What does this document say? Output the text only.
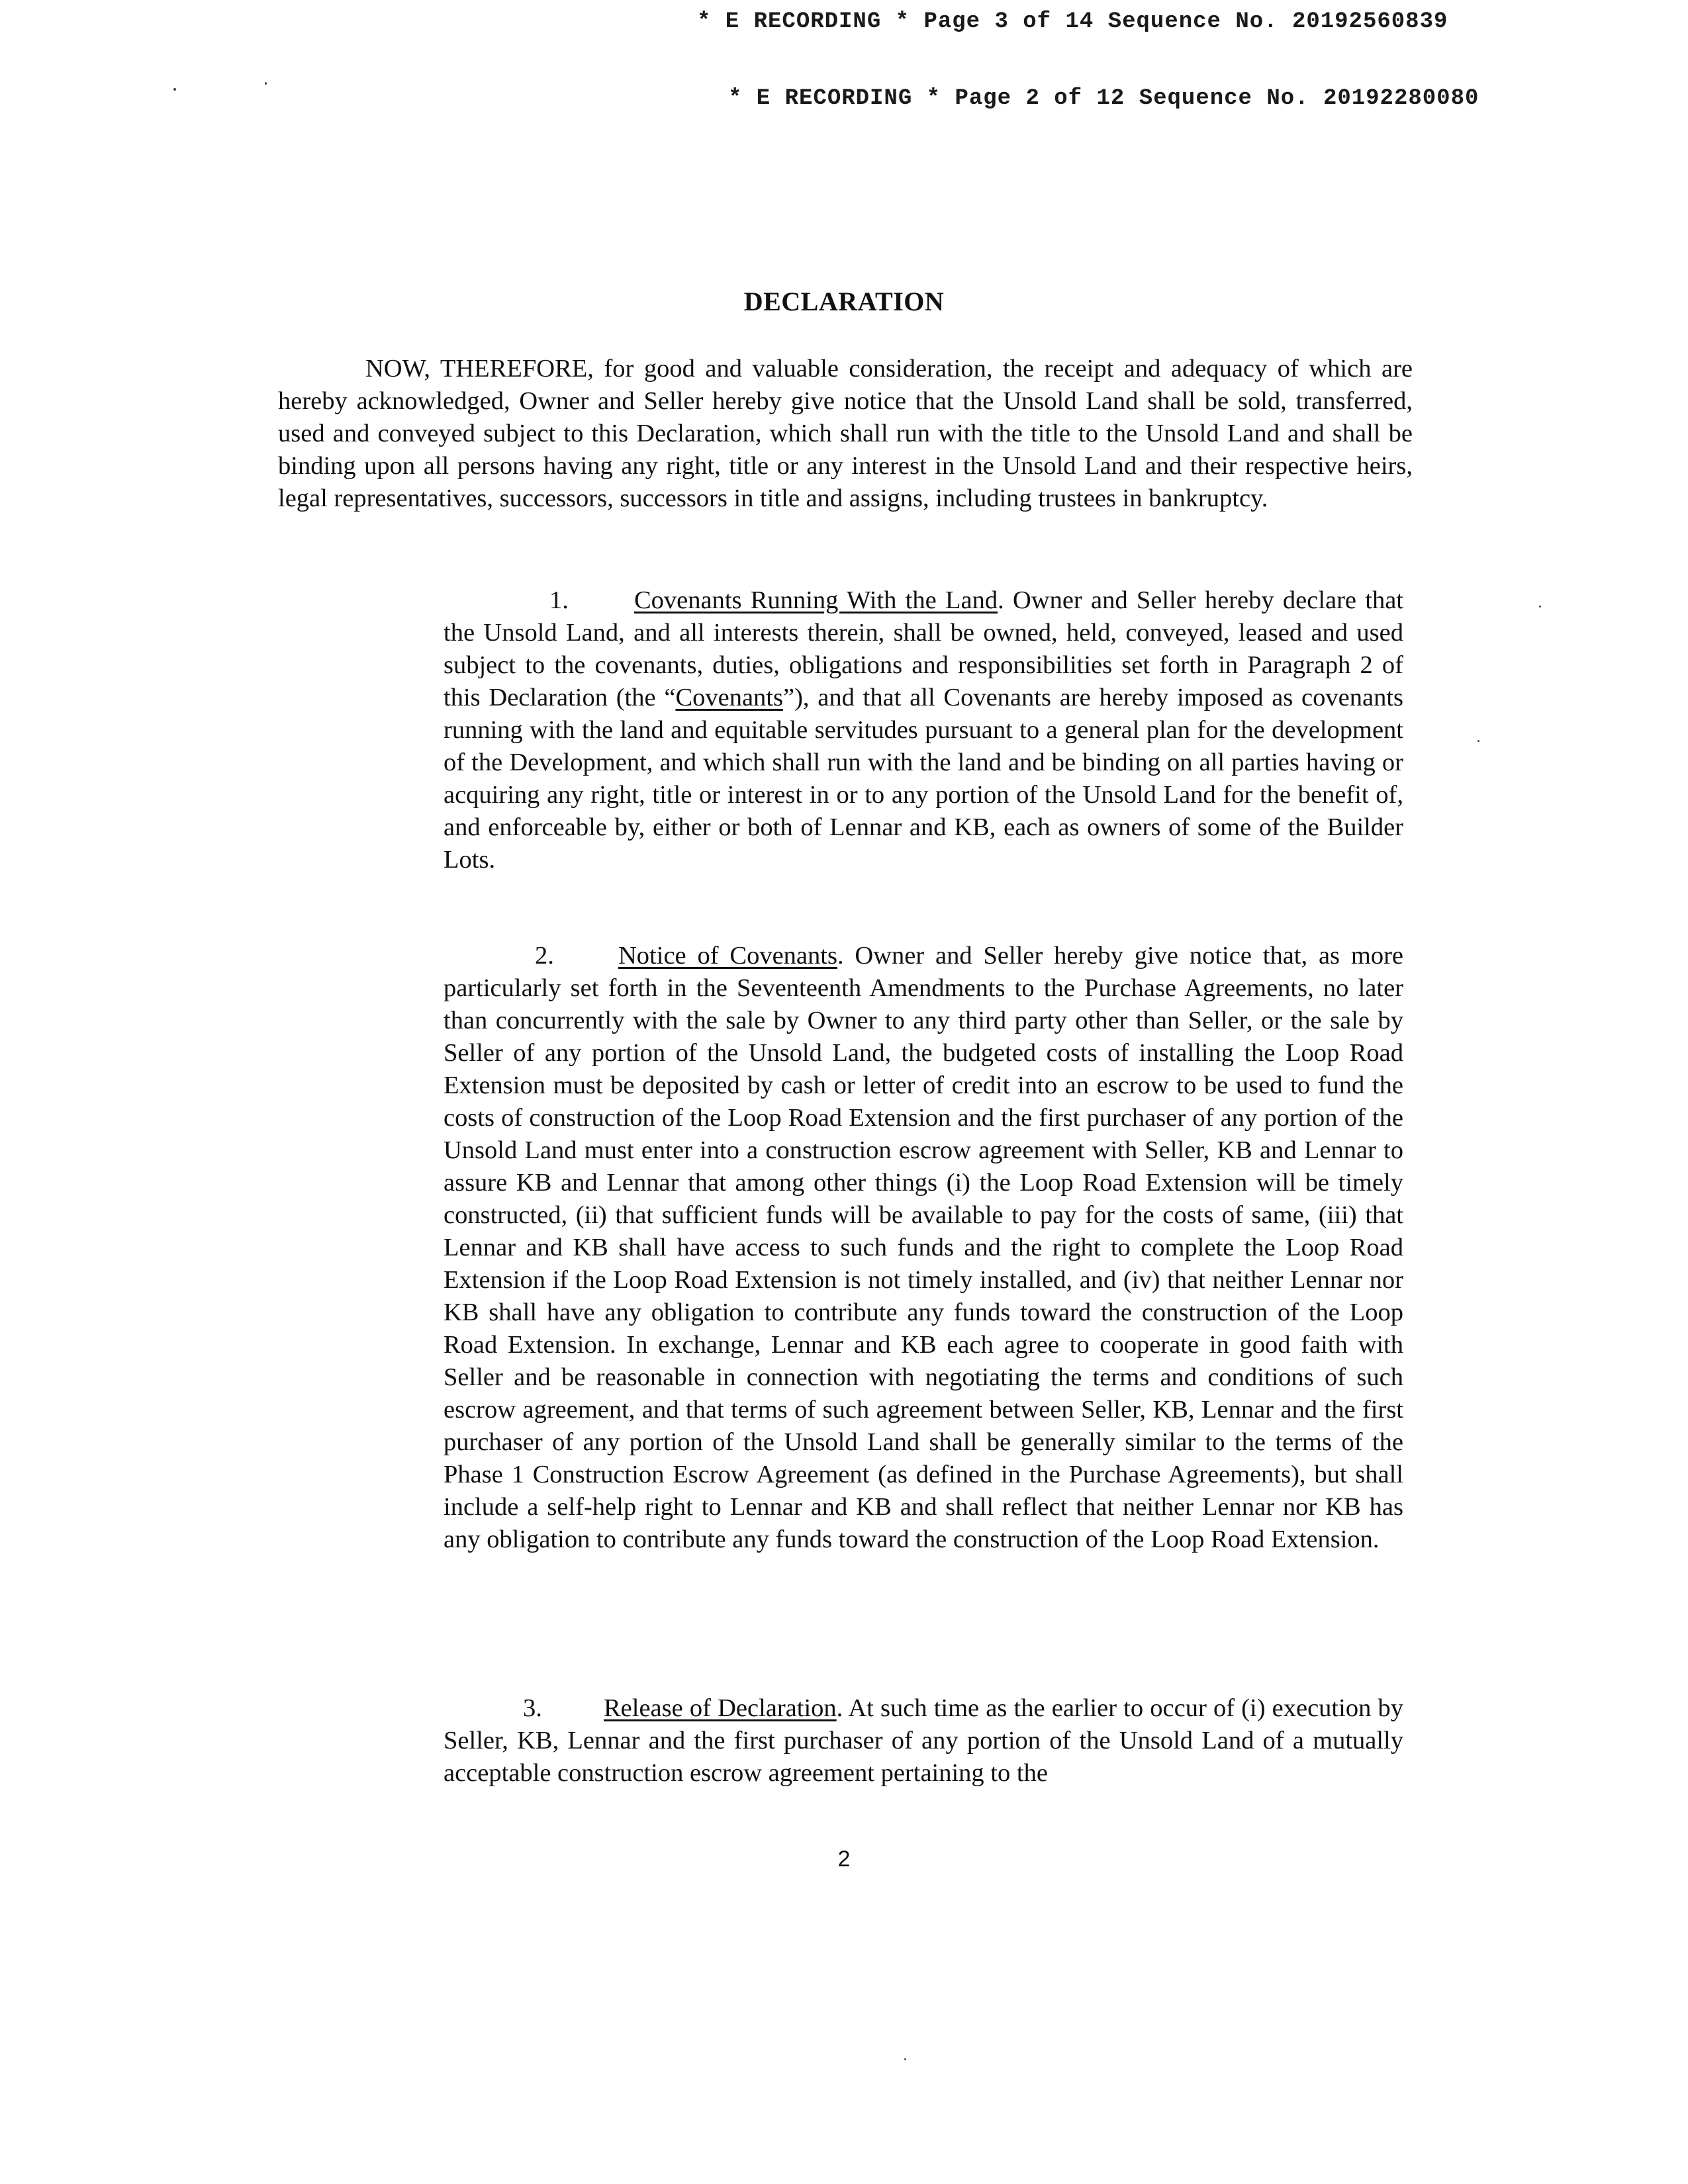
* E RECORDING * Page 3 of 14 Sequence No. 20192560839
* E RECORDING * Page 2 of 12 Sequence No. 20192280080
DECLARATION

NOW, THEREFORE, for good and valuable consideration, the receipt and adequacy of which are hereby acknowledged, Owner and Seller hereby give notice that the Unsold Land shall be sold, transferred, used and conveyed subject to this Declaration, which shall run with the title to the Unsold Land and shall be binding upon all persons having any right, title or any interest in the Unsold Land and their respective heirs, legal representatives, successors, successors in title and assigns, including trustees in bankruptcy.

1.	Covenants Running With the Land. Owner and Seller hereby declare that the Unsold Land, and all interests therein, shall be owned, held, conveyed, leased and used subject to the covenants, duties, obligations and responsibilities set forth in Paragraph 2 of this Declaration (the “Covenants”), and that all Covenants are hereby imposed as covenants running with the land and equitable servitudes pursuant to a general plan for the development of the Development, and which shall run with the land and be binding on all parties having or acquiring any right, title or interest in or to any portion of the Unsold Land for the benefit of, and enforceable by, either or both of Lennar and KB, each as owners of some of the Builder Lots.

2.	Notice of Covenants. Owner and Seller hereby give notice that, as more particularly set forth in the Seventeenth Amendments to the Purchase Agreements, no later than concurrently with the sale by Owner to any third party other than Seller, or the sale by Seller of any portion of the Unsold Land, the budgeted costs of installing the Loop Road Extension must be deposited by cash or letter of credit into an escrow to be used to fund the costs of construction of the Loop Road Extension and the first purchaser of any portion of the Unsold Land must enter into a construction escrow agreement with Seller, KB and Lennar to assure KB and Lennar that among other things (i) the Loop Road Extension will be timely constructed, (ii) that sufficient funds will be available to pay for the costs of same, (iii) that Lennar and KB shall have access to such funds and the right to complete the Loop Road Extension if the Loop Road Extension is not timely installed, and (iv) that neither Lennar nor KB shall have any obligation to contribute any funds toward the construction of the Loop Road Extension. In exchange, Lennar and KB each agree to cooperate in good faith with Seller and be reasonable in connection with negotiating the terms and conditions of such escrow agreement, and that terms of such agreement between Seller, KB, Lennar and the first purchaser of any portion of the Unsold Land shall be generally similar to the terms of the Phase 1 Construction Escrow Agreement (as defined in the Purchase Agreements), but shall include a self-help right to Lennar and KB and shall reflect that neither Lennar nor KB has any obligation to contribute any funds toward the construction of the Loop Road Extension.

3. Release of Declaration. At such time as the earlier to occur of (i) execution by Seller, KB, Lennar and the first purchaser of any portion of the Unsold Land of a mutually acceptable construction escrow agreement pertaining to the

2
